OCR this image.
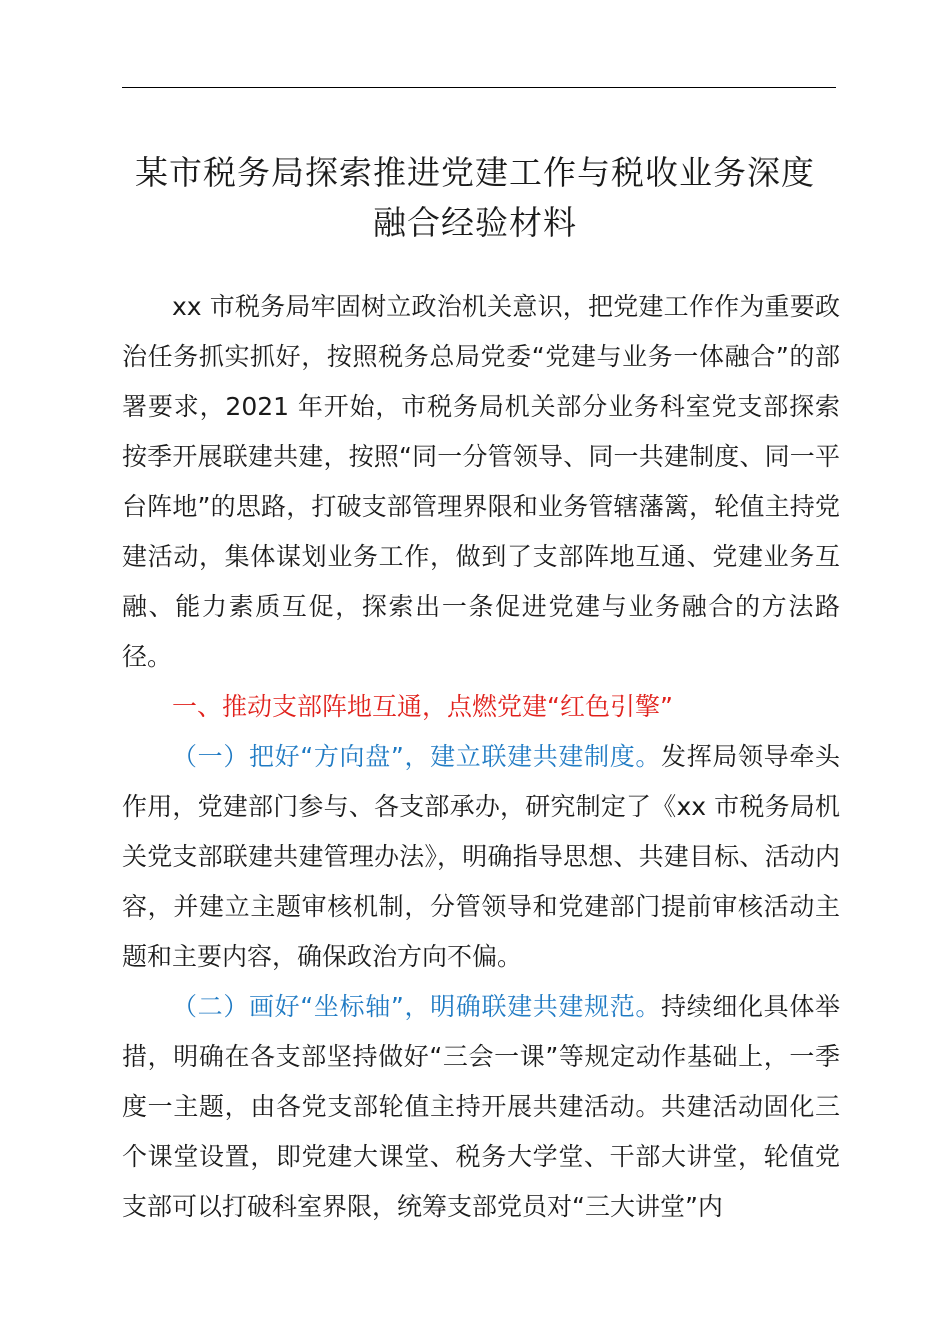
某市税务局探索推进党建工作与税收业务深度
融合经验材料

xx 市税务局牢固树立政治机关意识，把党建工作作为重要政治任务抓实抓好，按照税务总局党委“党建与业务一体融合”的部署要求，2021 年开始，市税务局机关部分业务科室党支部探索按季开展联建共建，按照“同一分管领导、同一共建制度、同一平台阵地”的思路，打破支部管理界限和业务管辖藩篱，轮值主持党建活动，集体谋划业务工作，做到了支部阵地互通、党建业务互融、能力素质互促，探索出一条促进党建与业务融合的方法路径。

一、推动支部阵地互通，点燃党建“红色引擎”

（一）把好“方向盘”，建立联建共建制度。发挥局领导牵头作用，党建部门参与、各支部承办，研究制定了《xx 市税务局机关党支部联建共建管理办法》，明确指导思想、共建目标、活动内容，并建立主题审核机制，分管领导和党建部门提前审核活动主题和主要内容，确保政治方向不偏。

（二）画好“坐标轴”，明确联建共建规范。持续细化具体举措，明确在各支部坚持做好“三会一课”等规定动作基础上，一季度一主题，由各党支部轮值主持开展共建活动。共建活动固化三个课堂设置，即党建大课堂、税务大学堂、干部大讲堂，轮值党支部可以打破科室界限，统筹支部党员对“三大讲堂”内
